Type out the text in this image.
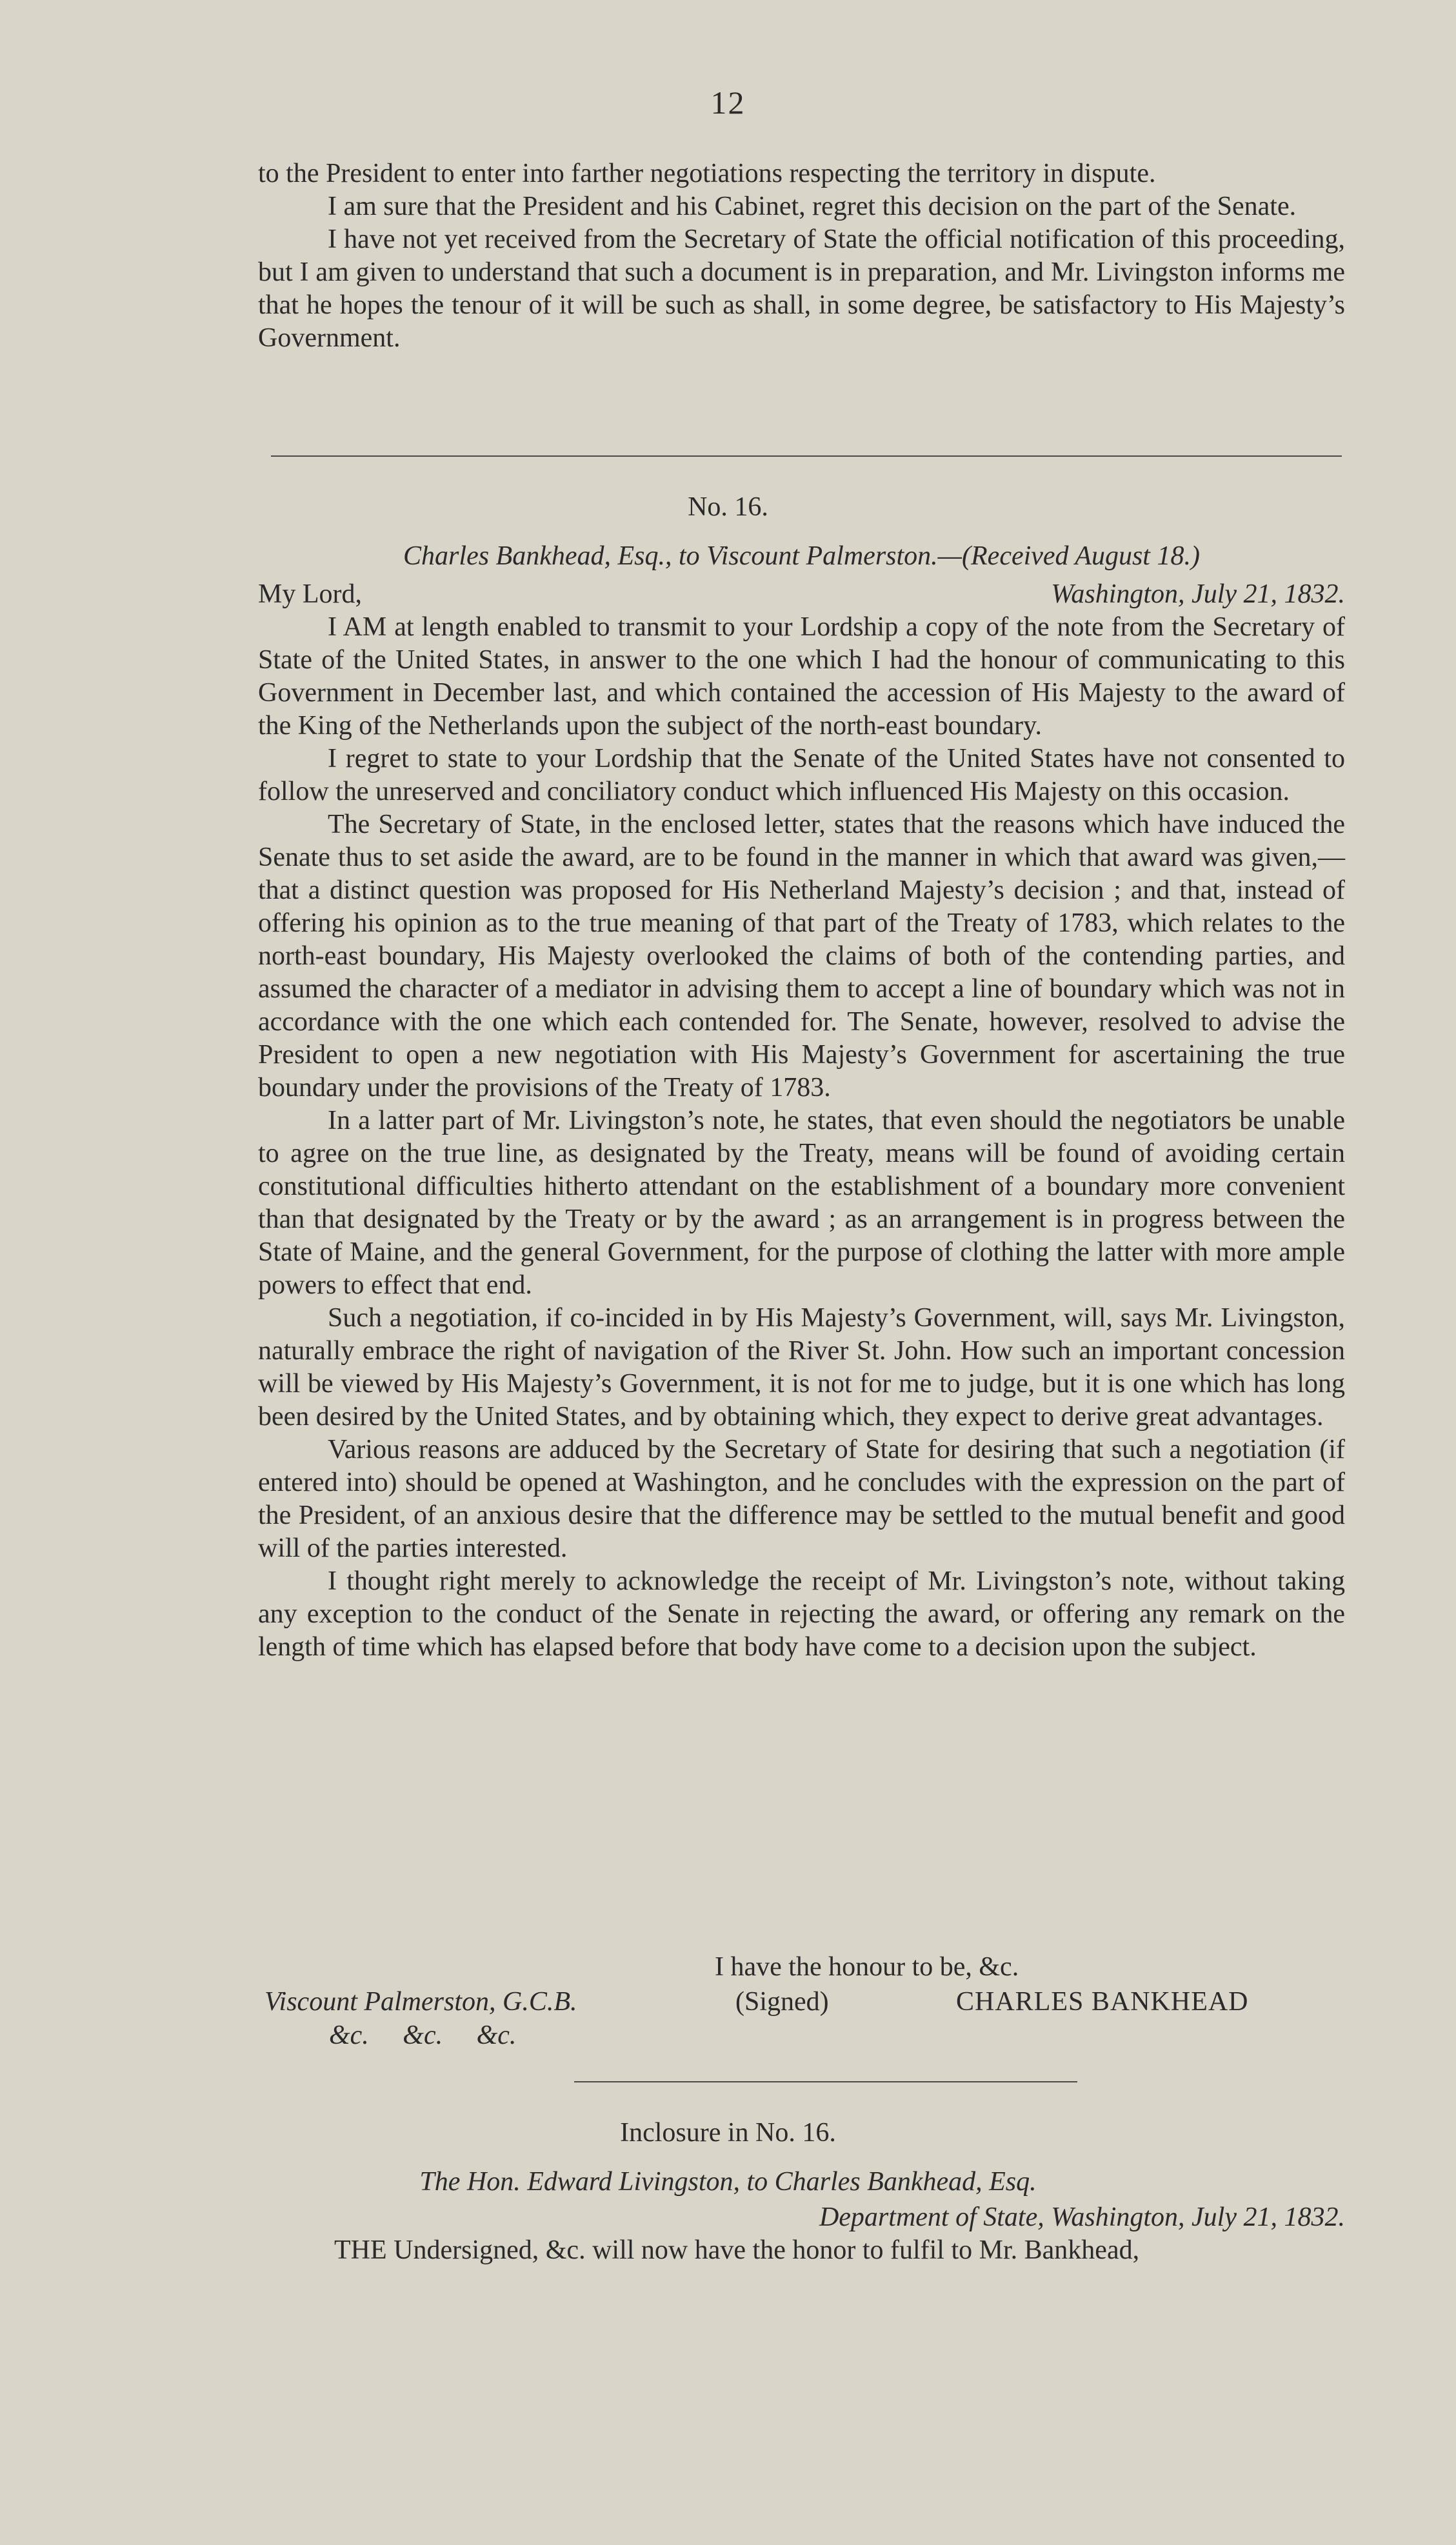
12

to the President to enter into farther negotiations respecting the territory in dispute.

I am sure that the President and his Cabinet, regret this decision on the part of the Senate.

I have not yet received from the Secretary of State the official notification of this proceeding, but I am given to understand that such a document is in preparation, and Mr. Livingston informs me that he hopes the tenour of it will be such as shall, in some degree, be satisfactory to His Majesty’s Government.

No. 16.
Charles Bankhead, Esq., to Viscount Palmerston.—(Received August 18.)
My Lord,	Washington, July 21, 1832.

I AM at length enabled to transmit to your Lordship a copy of the note from the Secretary of State of the United States, in answer to the one which I had the honour of communicating to this Government in December last, and which contained the accession of His Majesty to the award of the King of the Netherlands upon the subject of the north-east boundary.

I regret to state to your Lordship that the Senate of the United States have not consented to follow the unreserved and conciliatory conduct which influenced His Majesty on this occasion.

The Secretary of State, in the enclosed letter, states that the reasons which have induced the Senate thus to set aside the award, are to be found in the manner in which that award was given,—that a distinct question was proposed for His Netherland Majesty’s decision ; and that, instead of offering his opinion as to the true meaning of that part of the Treaty of 1783, which relates to the north-east boundary, His Majesty overlooked the claims of both of the contending parties, and assumed the character of a mediator in advising them to accept a line of boundary which was not in accordance with the one which each contended for. The Senate, however, resolved to advise the President to open a new negotiation with His Majesty’s Government for ascertaining the true boundary under the provisions of the Treaty of 1783.

In a latter part of Mr. Livingston’s note, he states, that even should the negotiators be unable to agree on the true line, as designated by the Treaty, means will be found of avoiding certain constitutional difficulties hitherto attendant on the establishment of a boundary more convenient than that designated by the Treaty or by the award ; as an arrangement is in progress between the State of Maine, and the general Government, for the purpose of clothing the latter with more ample powers to effect that end.

Such a negotiation, if co-incided in by His Majesty’s Government, will, says Mr. Livingston, naturally embrace the right of navigation of the River St. John. How such an important concession will be viewed by His Majesty’s Government, it is not for me to judge, but it is one which has long been desired by the United States, and by obtaining which, they expect to derive great advantages.

Various reasons are adduced by the Secretary of State for desiring that such a negotiation (if entered into) should be opened at Washington, and he concludes with the expression on the part of the President, of an anxious desire that the difference may be settled to the mutual benefit and good will of the parties interested.

I thought right merely to acknowledge the receipt of Mr. Livingston’s note, without taking any exception to the conduct of the Senate in rejecting the award, or offering any remark on the length of time which has elapsed before that body have come to a decision upon the subject.

I have the honour to be, &c.
Viscount Palmerston, G.C.B.	(Signed)	CHARLES BANKHEAD
&c.     &c.     &c.
Inclosure in No. 16.
The Hon. Edward Livingston, to Charles Bankhead, Esq.
Department of State, Washington, July 21, 1832.

THE Undersigned, &c. will now have the honor to fulfil to Mr. Bankhead,
